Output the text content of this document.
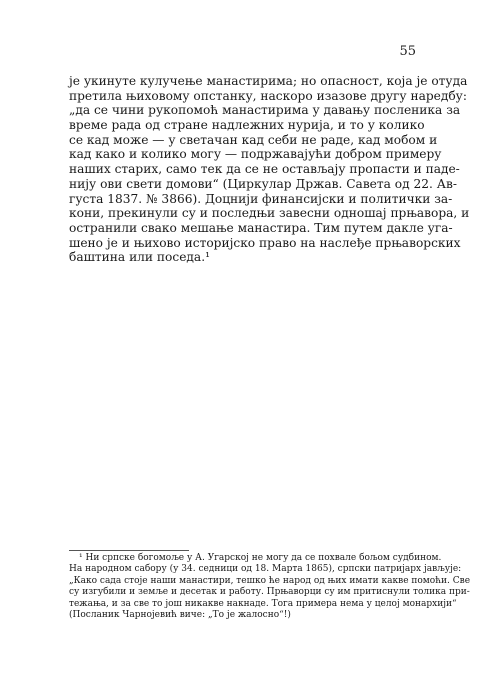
55
је укинуте кулучење манастирима; но опасност, која је отуда
претила њиховому опстанку, наскоро изазове другу наредбу:
„да се чини рукопомоћ манастирима у давању посленика за
време рада од стране надлежних нурија, и то у колико
се кад може — у светачан кад себи не раде, кад мобом и
кад како и колико могу — подржавајући добром примеру
наших старих, само тек да се не остављају пропасти и паде-
нију ови свети домови“ (Циркулар Држав. Савета од 22. Ав-
густа 1837. № 3866). Доцнији финансијски и политички за-
кони, прекинули су и последњи завесни одношај прњавора, и
остранили свако мешање манастира. Тим путем дакле уга-
шено је и њихово историјско право на наслеђе прњаворских
баштина или поседа.¹
¹ Ни српске богомоље у А. Угарској не могу да се похвале бољом судбином.
На народном сабору (у 34. седници од 18. Марта 1865), српски патријарх јављује:
„Како сада стоје наши манастири, тешко ће народ од њих имати какве помоћи. Све
су изгубили и земље и десетак и работу. Прњаворци су им притиснули толика при-
тежања, и за све то још никакве накнаде. Тога примера нема у целој монархији“
(Посланик Чарнојевић виче: „То је жалосно“!)
